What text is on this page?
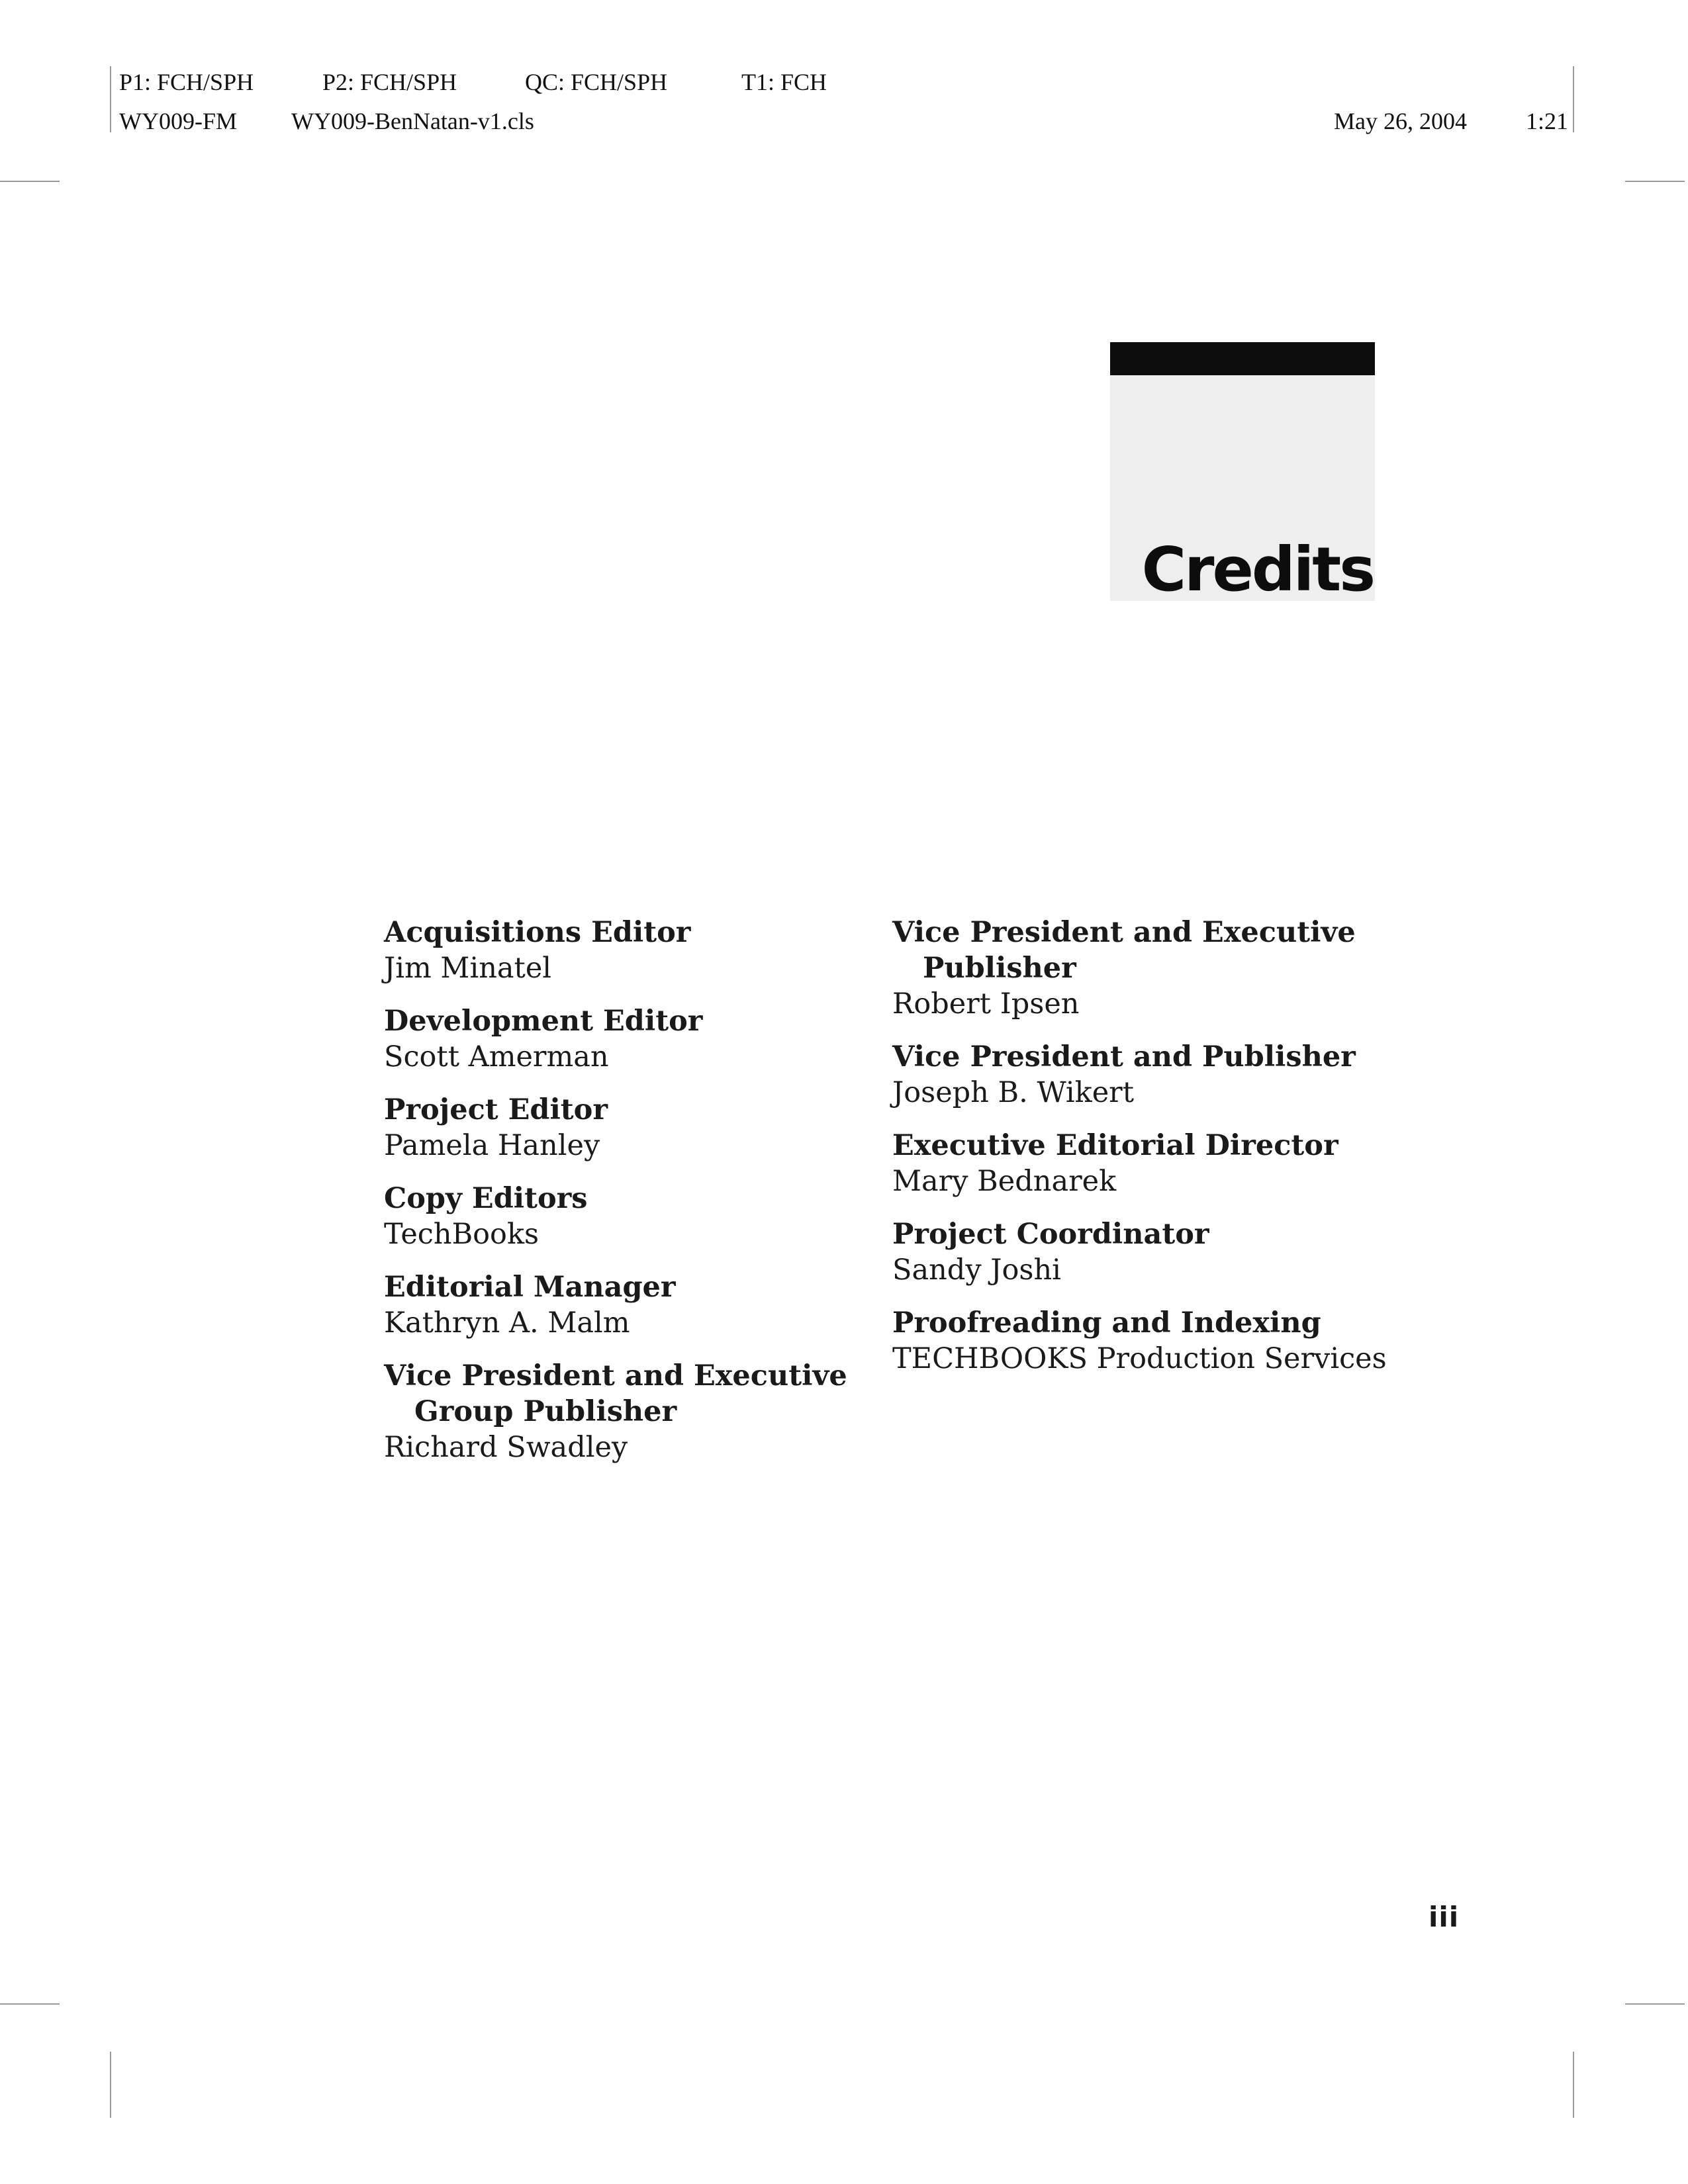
P1: FCH/SPH	P2: FCH/SPH	QC: FCH/SPH	T1: FCH
WY009-FM WY009-BenNatan-v1.cls	May 26, 2004 1:21
Credits
Acquisitions Editor
Jim Minatel
Development Editor
Scott Amerman
Project Editor
Pamela Hanley
Copy Editors
TechBooks
Editorial Manager
Kathryn A. Malm
Vice President and Executive
Group Publisher
Richard Swadley
Vice President and Executive
Publisher
Robert Ipsen
Vice President and Publisher
Joseph B. Wikert
Executive Editorial Director
Mary Bednarek
Project Coordinator
Sandy Joshi
Proofreading and Indexing
TECHBOOKS Production Services
iii
